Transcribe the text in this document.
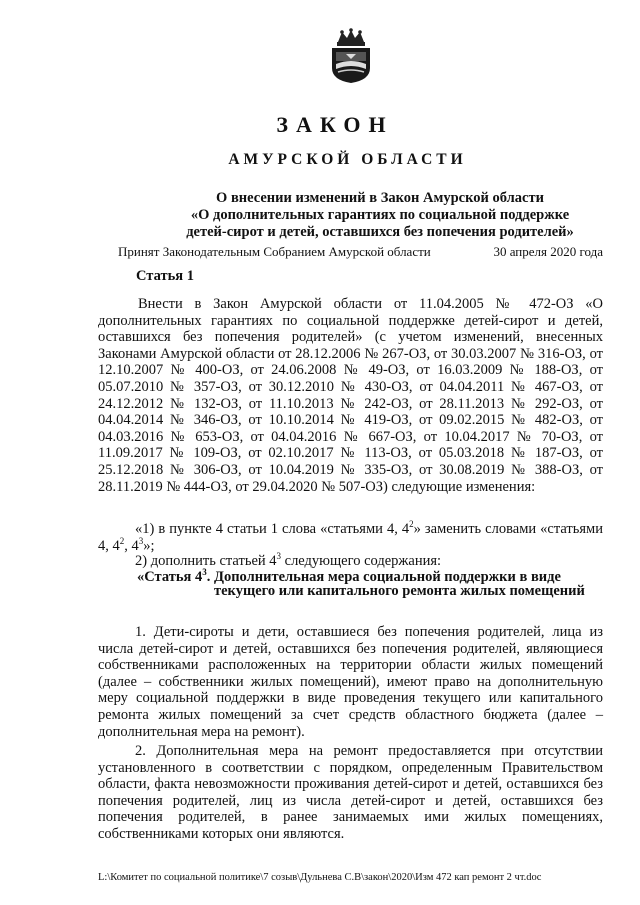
ЗАКОН
АМУРСКОЙ ОБЛАСТИ
О внесении изменений в Закон Амурской области
«О дополнительных гарантиях по социальной поддержке
детей-сирот и детей, оставшихся без попечения родителей»
Принят Законодательным Собранием Амурской области	30 апреля 2020 года
Статья 1
Внести в Закон Амурской области от 11.04.2005 № 472-ОЗ «О дополнительных гарантиях по социальной поддержке детей-сирот и детей, оставшихся без попечения родителей» (с учетом изменений, внесенных Законами Амурской области от 28.12.2006 № 267-ОЗ, от 30.03.2007 № 316-ОЗ, от 12.10.2007 № 400-ОЗ, от 24.06.2008 № 49-ОЗ, от 16.03.2009 № 188-ОЗ, от 05.07.2010 № 357-ОЗ, от 30.12.2010 № 430-ОЗ, от 04.04.2011 № 467-ОЗ, от 24.12.2012 № 132-ОЗ, от 11.10.2013 № 242-ОЗ, от 28.11.2013 № 292-ОЗ, от 04.04.2014 № 346-ОЗ, от 10.10.2014 № 419-ОЗ, от 09.02.2015 № 482-ОЗ, от 04.03.2016 № 653-ОЗ, от 04.04.2016 № 667-ОЗ, от 10.04.2017 № 70-ОЗ, от 11.09.2017 № 109-ОЗ, от 02.10.2017 № 113-ОЗ, от 05.03.2018 № 187-ОЗ, от 25.12.2018 № 306-ОЗ, от 10.04.2019 № 335-ОЗ, от 30.08.2019 № 388-ОЗ, от 28.11.2019 № 444-ОЗ, от 29.04.2020 № 507-ОЗ) следующие изменения:
«1) в пункте 4 статьи 1 слова «статьями 4, $4^2$» заменить словами «статьями 4, $4^2$, $4^3$»;
2) дополнить статьей $4^3$ следующего содержания:
«Статья $4^3$. Дополнительная мера социальной поддержки в виде
текущего или капитального ремонта жилых помещений
1. Дети-сироты и дети, оставшиеся без попечения родителей, лица из числа детей-сирот и детей, оставшихся без попечения родителей, являющиеся собственниками расположенных на территории области жилых помещений (далее – собственники жилых помещений), имеют право на дополнительную меру социальной поддержки в виде проведения текущего или капитального ремонта жилых помещений за счет средств областного бюджета (далее – дополнительная мера на ремонт).
2. Дополнительная мера на ремонт предоставляется при отсутствии установленного в соответствии с порядком, определенным Правительством области, факта невозможности проживания детей-сирот и детей, оставшихся без попечения родителей, лиц из числа детей-сирот и детей, оставшихся без попечения родителей, в ранее занимаемых ими жилых помещениях, собственниками которых они являются.
L:\Комитет по социальной политике\7 созыв\Дульнева С.В\закон\2020\Изм 472 кап ремонт 2 чт.doc
